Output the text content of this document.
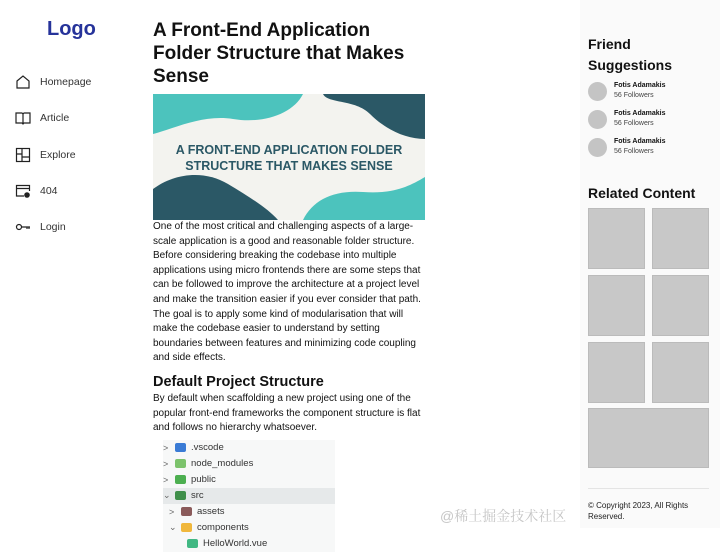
Logo
Homepage
Article
Explore
404
Login
A Front-End Application Folder Structure that Makes Sense
A FRONT-END APPLICATION FOLDER STRUCTURE THAT MAKES SENSE

One of the most critical and challenging aspects of a large-scale application is a good and reasonable folder structure. Before considering breaking the codebase into multiple applications using micro frontends there are some steps that can be followed to improve the architecture at a project level and make the transition easier if you ever consider that path.

The goal is to apply some kind of modularisation that will make the codebase easier to understand by setting boundaries between features and minimizing code coupling and side effects.

Default Project Structure

By default when scaffolding a new project using one of the popular front-end frameworks the component structure is flat and follows no hierarchy whatsoever.

>	.vscode
>	node_modules
>	public
⌄	src
>	assets
⌄	components
HelloWorld.vue
Friend Suggestions
Fotis Adamakis
56 Followers
Fotis Adamakis
56 Followers
Fotis Adamakis
56 Followers
Related Content
© Copyright 2023, All Rights Reserved.
@稀土掘金技术社区
